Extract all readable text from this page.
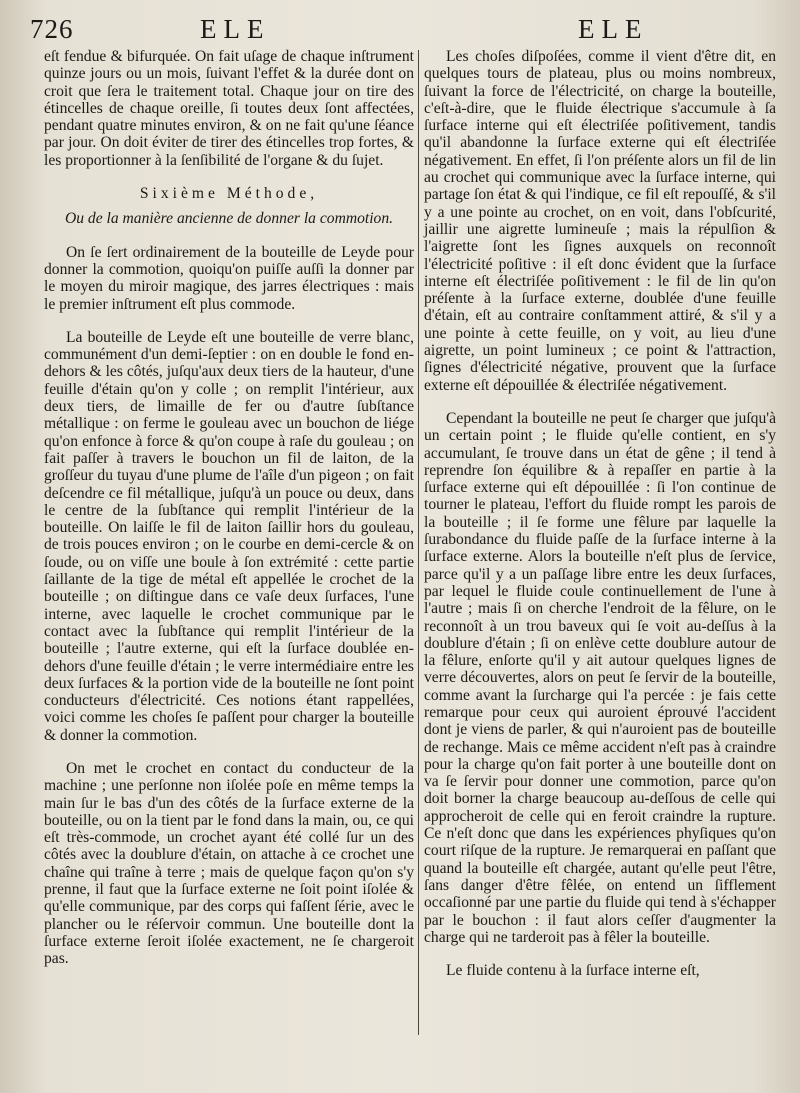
726	ELE	ELE

eſt fendue & bifurquée. On fait uſage de chaque inſtrument quinze jours ou un mois, ſuivant l'effet & la durée dont on croit que ſera le traitement total. Chaque jour on tire des étincelles de chaque oreille, ſi toutes deux ſont affectées, pendant quatre minutes environ, & on ne fait qu'une ſéance par jour. On doit éviter de tirer des étincelles trop fortes, & les proportionner à la ſenſibilité de l'organe & du ſujet.

Sixième Méthode,
Ou de la manière ancienne de donner la commotion.

On ſe ſert ordinairement de la bouteille de Leyde pour donner la commotion, quoiqu'on puiſſe auſſi la donner par le moyen du miroir magique, des jarres électriques : mais le premier inſtrument eſt plus commode.

La bouteille de Leyde eſt une bouteille de verre blanc, communément d'un demi-ſeptier : on en double le fond en-dehors & les côtés, juſqu'aux deux tiers de la hauteur, d'une feuille d'étain qu'on y colle ; on remplit l'intérieur, aux deux tiers, de limaille de fer ou d'autre ſubſtance métallique : on ferme le gouleau avec un bouchon de liége qu'on enfonce à force & qu'on coupe à raſe du gouleau ; on fait paſſer à travers le bouchon un fil de laiton, de la groſſeur du tuyau d'une plume de l'aîle d'un pigeon ; on fait deſcendre ce fil métallique, juſqu'à un pouce ou deux, dans le centre de la ſubſtance qui remplit l'intérieur de la bouteille. On laiſſe le fil de laiton ſaillir hors du gouleau, de trois pouces environ ; on le courbe en demi-cercle & on ſoude, ou on viſſe une boule à ſon extrémité : cette partie ſaillante de la tige de métal eſt appellée le crochet de la bouteille ; on diſtingue dans ce vaſe deux ſurfaces, l'une interne, avec laquelle le crochet communique par le contact avec la ſubſtance qui remplit l'intérieur de la bouteille ; l'autre externe, qui eſt la ſurface doublée en-dehors d'une feuille d'étain ; le verre intermédiaire entre les deux ſurfaces & la portion vide de la bouteille ne ſont point conducteurs d'électricité. Ces notions étant rappellées, voici comme les choſes ſe paſſent pour charger la bouteille & donner la commotion.

On met le crochet en contact du conducteur de la machine ; une perſonne non iſolée poſe en même temps la main ſur le bas d'un des côtés de la ſurface externe de la bouteille, ou on la tient par le fond dans la main, ou, ce qui eſt très-commode, un crochet ayant été collé ſur un des côtés avec la doublure d'étain, on attache à ce crochet une chaîne qui traîne à terre ; mais de quelque façon qu'on s'y prenne, il faut que la ſurface externe ne ſoit point iſolée & qu'elle communique, par des corps qui faſſent ſérie, avec le plancher ou le réſervoir commun. Une bouteille dont la ſurface externe ſeroit iſolée exactement, ne ſe chargeroit pas.

Les choſes diſpoſées, comme il vient d'être dit, en quelques tours de plateau, plus ou moins nombreux, ſuivant la force de l'électricité, on charge la bouteille, c'eſt-à-dire, que le fluide électrique s'accumule à ſa ſurface interne qui eſt électriſée poſitivement, tandis qu'il abandonne la ſurface externe qui eſt électriſée négativement. En effet, ſi l'on préſente alors un fil de lin au crochet qui communique avec la ſurface interne, qui partage ſon état & qui l'indique, ce fil eſt repouſſé, & s'il y a une pointe au crochet, on en voit, dans l'obſcurité, jaillir une aigrette lumineuſe ; mais la répulſion & l'aigrette ſont les ſignes auxquels on reconnoît l'électricité poſitive : il eſt donc évident que la ſurface interne eſt électriſée poſitivement : le fil de lin qu'on préſente à la ſurface externe, doublée d'une feuille d'étain, eſt au contraire conſtamment attiré, & s'il y a une pointe à cette feuille, on y voit, au lieu d'une aigrette, un point lumineux ; ce point & l'attraction, ſignes d'électricité négative, prouvent que la ſurface externe eſt dépouillée & électriſée négativement.

Cependant la bouteille ne peut ſe charger que juſqu'à un certain point ; le fluide qu'elle contient, en s'y accumulant, ſe trouve dans un état de gêne ; il tend à reprendre ſon équilibre & à repaſſer en partie à la ſurface externe qui eſt dépouillée : ſi l'on continue de tourner le plateau, l'effort du fluide rompt les parois de la bouteille ; il ſe forme une fêlure par laquelle la ſurabondance du fluide paſſe de la ſurface interne à la ſurface externe. Alors la bouteille n'eſt plus de ſervice, parce qu'il y a un paſſage libre entre les deux ſurfaces, par lequel le fluide coule continuellement de l'une à l'autre ; mais ſi on cherche l'endroit de la fêlure, on le reconnoît à un trou baveux qui ſe voit au-deſſus à la doublure d'étain ; ſi on enlève cette doublure autour de la fêlure, enſorte qu'il y ait autour quelques lignes de verre découvertes, alors on peut ſe ſervir de la bouteille, comme avant la ſurcharge qui l'a percée : je fais cette remarque pour ceux qui auroient éprouvé l'accident dont je viens de parler, & qui n'auroient pas de bouteille de rechange. Mais ce même accident n'eſt pas à craindre pour la charge qu'on fait porter à une bouteille dont on va ſe ſervir pour donner une commotion, parce qu'on doit borner la charge beaucoup au-deſſous de celle qui approcheroit de celle qui en feroit craindre la rupture. Ce n'eſt donc que dans les expériences phyſiques qu'on court riſque de la rupture. Je remarquerai en paſſant que quand la bouteille eſt chargée, autant qu'elle peut l'être, ſans danger d'être fêlée, on entend un ſifflement occaſionné par une partie du fluide qui tend à s'échapper par le bouchon : il faut alors ceſſer d'augmenter la charge qui ne tarderoit pas à fêler la bouteille.

Le fluide contenu à la ſurface interne eſt,
